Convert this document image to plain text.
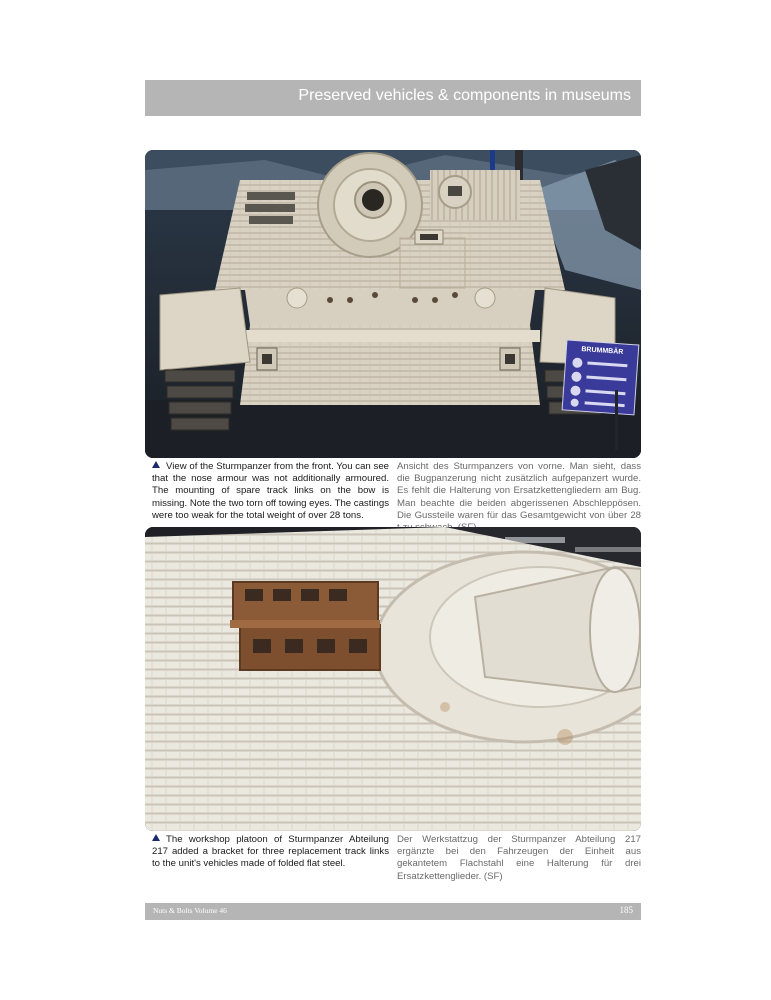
Preserved vehicles & components in museums
BRUMMBÄR
View of the Sturmpanzer from the front. You can see that the nose armour was not additionally armoured. The mounting of spare track links on the bow is missing. Note the two torn off towing eyes. The castings were too weak for the total weight of over 28 tons.
Ansicht des Sturmpanzers von vorne. Man sieht, dass die Bugpanzerung nicht zusätzlich aufgepanzert wurde. Es fehlt die Halterung von Ersatzkettengliedern am Bug. Man beachte die beiden abgerissenen Abschleppösen. Die Gussteile waren für das Gesamtgewicht von über 28
The workshop platoon of Sturmpanzer Abteilung 217 added a bracket for three replacement track links to the unit's vehicles made of folded flat steel.
Der Werkstattzug der Sturmpanzer Abteilung 217 ergänzte bei den Fahrzeugen der Einheit aus gekantetem Flachstahl eine Halterung für drei Ersatzkettenglieder. (SF)
Nuts & Bolts Volume 46	185
